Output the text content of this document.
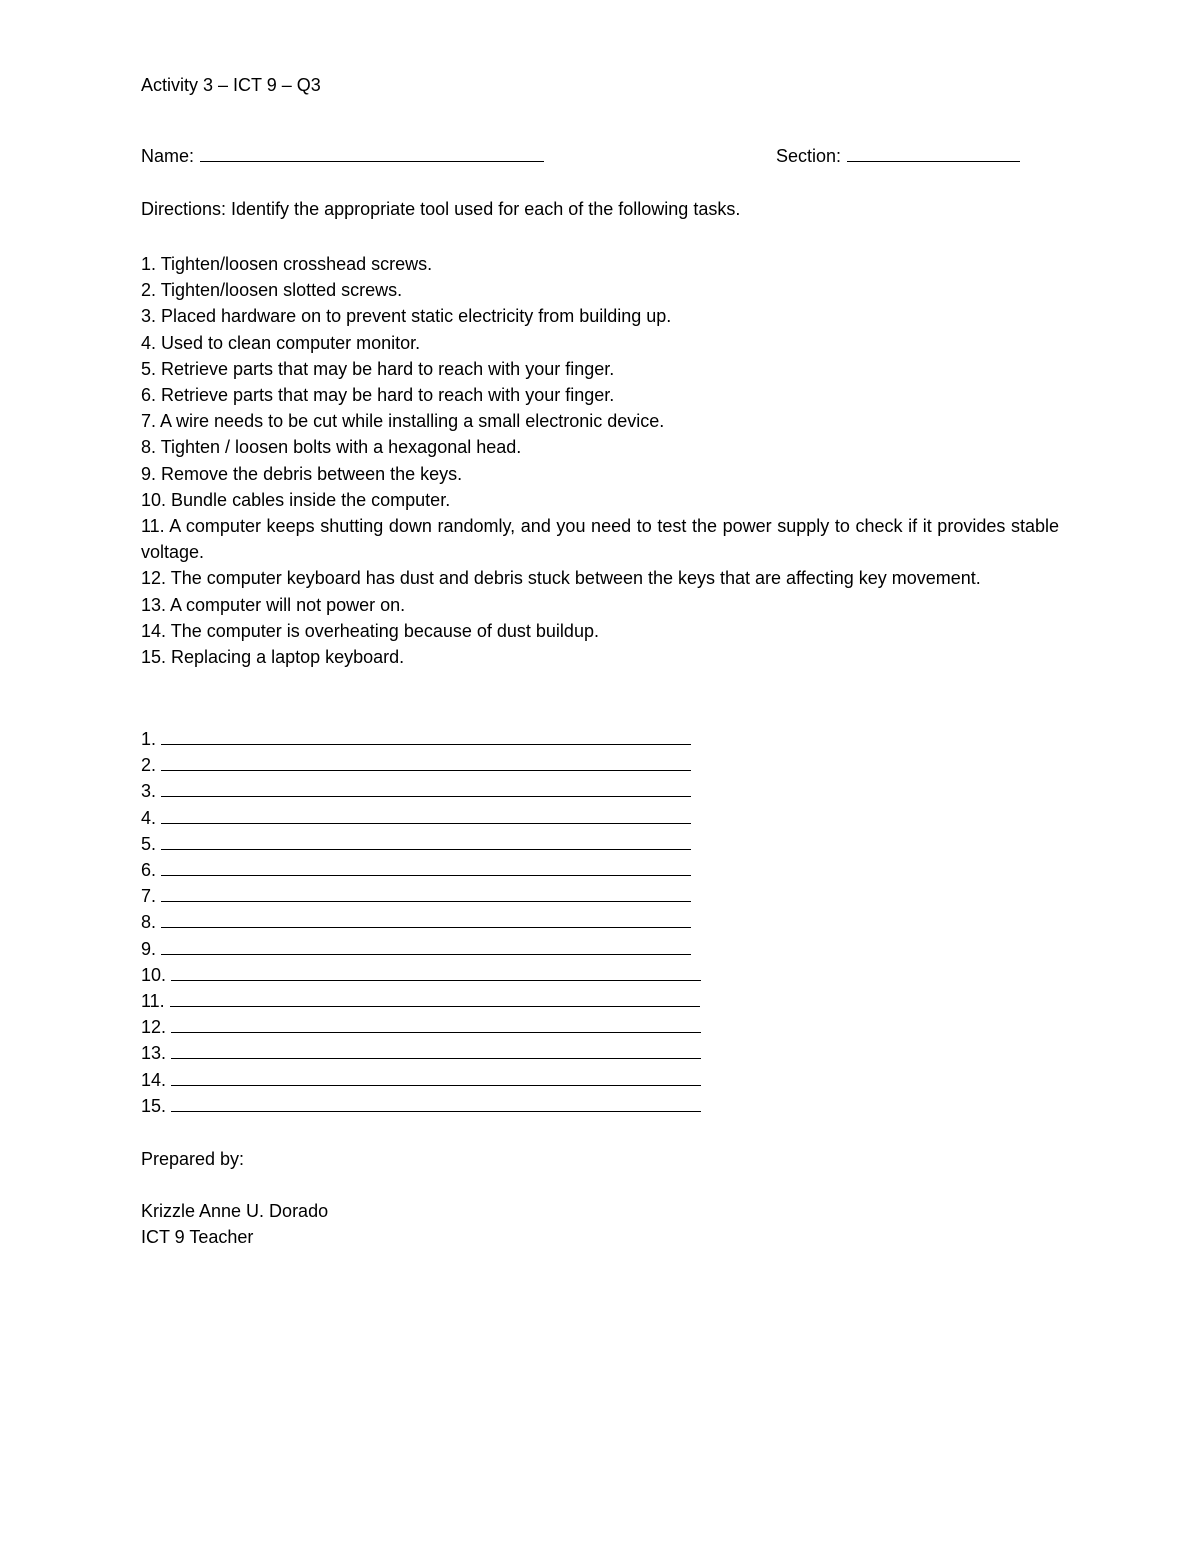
Activity 3 – ICT 9 – Q3
Name:	Section:
Directions: Identify the appropriate tool used for each of the following tasks.
1. Tighten/loosen crosshead screws.
2. Tighten/loosen slotted screws.
3. Placed hardware on to prevent static electricity from building up.
4. Used to clean computer monitor.
5. Retrieve parts that may be hard to reach with your finger.
6. Retrieve parts that may be hard to reach with your finger.
7. A wire needs to be cut while installing a small electronic device.
8. Tighten / loosen bolts with a hexagonal head.
9. Remove the debris between the keys.
10. Bundle cables inside the computer.
11. A computer keeps shutting down randomly, and you need to test the power supply to check if it provides stable voltage.
12. The computer keyboard has dust and debris stuck between the keys that are affecting key movement.
13. A computer will not power on.
14. The computer is overheating because of dust buildup.
15. Replacing a laptop keyboard.
1.
2.
3.
4.
5.
6.
7.
8.
9.
10.
11.
12.
13.
14.
15.
Prepared by:
Krizzle Anne U. Dorado
ICT 9 Teacher
